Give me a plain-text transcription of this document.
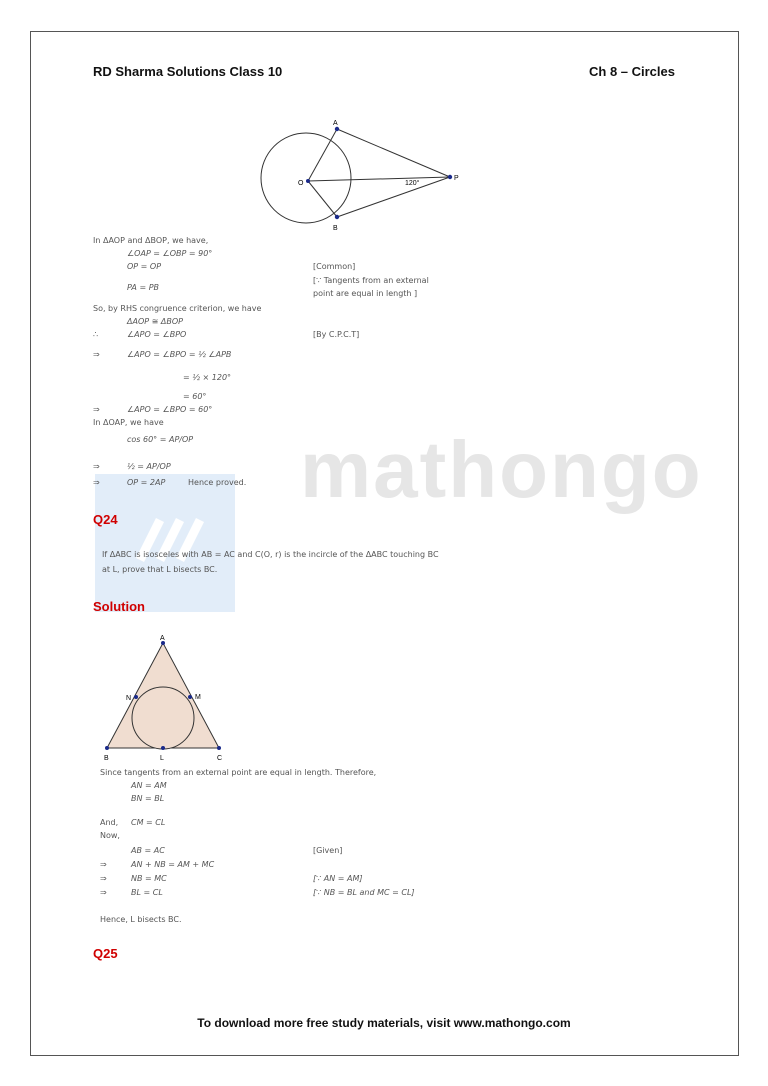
RD Sharma Solutions Class 10	Ch 8 – Circles
A
B
O
P
120°
mathongo
In ΔAOP and ΔBOP, we have,
∠OAP = ∠OBP = 90°
OP = OP	[Common]
PA = PB
[∵ Tangents from an external
point are equal in length ]
So, by RHS congruence criterion, we have
ΔAOP ≅ ΔBOP
∴	∠APO = ∠BPO	[By C.P.C.T]
⇒	∠APO = ∠BPO = ½ ∠APB
= ½ × 120°
= 60°
⇒	∠APO = ∠BPO = 60°
In ΔOAP, we have
cos 60° = AP/OP
⇒	½ = AP/OP
⇒	OP = 2AP	Hence proved.
Q24
If ΔABC is isosceles with AB = AC and C(O, r) is the incircle of the ΔABC touching BC
at L, prove that L bisects BC.
Solution
A
B	C
L
M
N
Since tangents from an external point are equal in length. Therefore,
AN = AM
BN = BL
And, CM = CL
Now,
AB = AC	[Given]
⇒	AN + NB = AM + MC
⇒	NB = MC	[∵ AN = AM]
⇒	BL = CL	[∵ NB = BL and MC = CL]
Hence, L bisects BC.
Q25
To download more free study materials, visit www.mathongo.com
